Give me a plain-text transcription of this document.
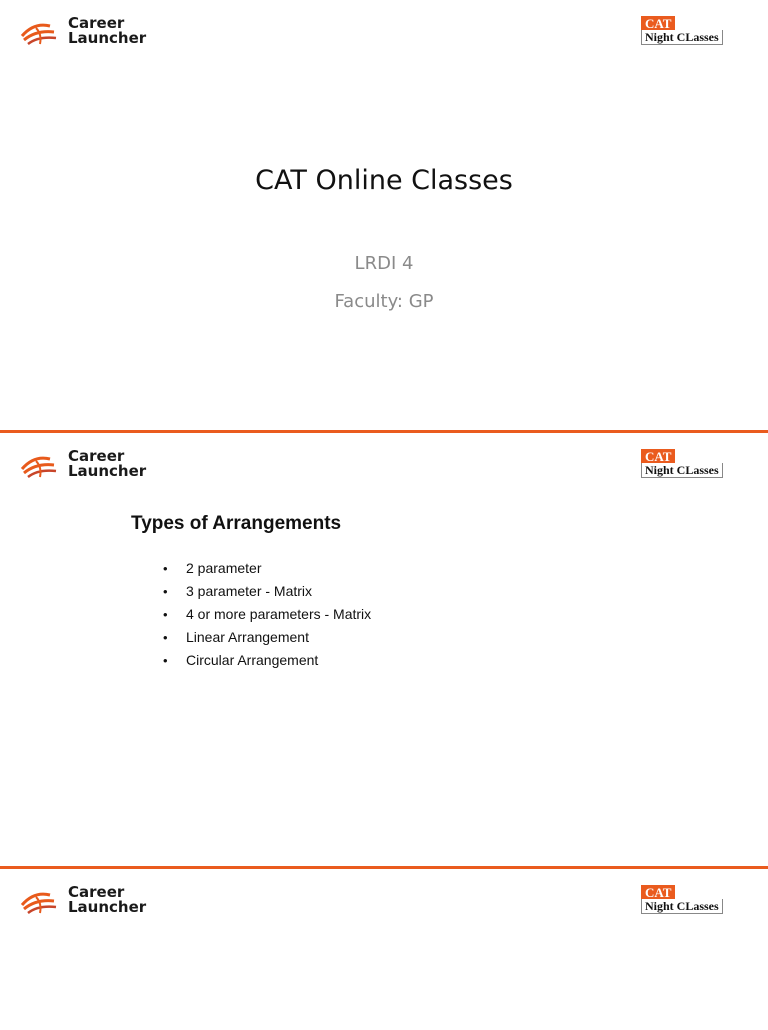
Career
Launcher
CAT
Night CLasses
CAT Online Classes
LRDI 4
Faculty: GP
Career
Launcher
CAT
Night CLasses
Types of Arrangements
• 2 parameter
• 3 parameter - Matrix
• 4 or more parameters - Matrix
• Linear Arrangement
• Circular Arrangement
Career
Launcher
CAT
Night CLasses
